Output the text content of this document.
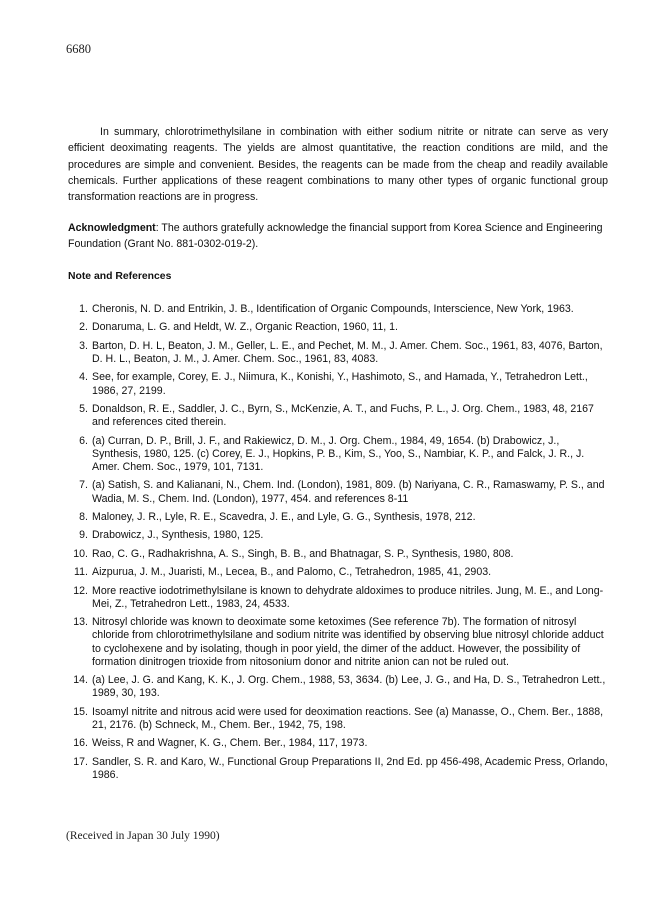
6680

In summary, chlorotrimethylsilane in combination with either sodium nitrite or nitrate can serve as very efficient deoximating reagents. The yields are almost quantitative, the reaction conditions are mild, and the procedures are simple and convenient. Besides, the reagents can be made from the cheap and readily available chemicals. Further applications of these reagent combinations to many other types of organic functional group transformation reactions are in progress.

Acknowledgment: The authors gratefully acknowledge the financial support from Korea Science and Engineering Foundation (Grant No. 881-0302-019-2).

Note and References
1. Cheronis, N. D. and Entrikin, J. B., Identification of Organic Compounds, Interscience, New York, 1963.
2. Donaruma, L. G. and Heldt, W. Z., Organic Reaction, 1960, 11, 1.
3. Barton, D. H. L, Beaton, J. M., Geller, L. E., and Pechet, M. M., J. Amer. Chem. Soc., 1961, 83, 4076, Barton, D. H. L., Beaton, J. M., J. Amer. Chem. Soc., 1961, 83, 4083.
4. See, for example, Corey, E. J., Niimura, K., Konishi, Y., Hashimoto, S., and Hamada, Y., Tetrahedron Lett., 1986, 27, 2199.
5. Donaldson, R. E., Saddler, J. C., Byrn, S., McKenzie, A. T., and Fuchs, P. L., J. Org. Chem., 1983, 48, 2167 and references cited therein.
6. (a) Curran, D. P., Brill, J. F., and Rakiewicz, D. M., J. Org. Chem., 1984, 49, 1654. (b) Drabowicz, J., Synthesis, 1980, 125. (c) Corey, E. J., Hopkins, P. B., Kim, S., Yoo, S., Nambiar, K. P., and Falck, J. R., J. Amer. Chem. Soc., 1979, 101, 7131.
7. (a) Satish, S. and Kalianani, N., Chem. Ind. (London), 1981, 809. (b) Nariyana, C. R., Ramaswamy, P. S., and Wadia, M. S., Chem. Ind. (London), 1977, 454. and references 8-11
8. Maloney, J. R., Lyle, R. E., Scavedra, J. E., and Lyle, G. G., Synthesis, 1978, 212.
9. Drabowicz, J., Synthesis, 1980, 125.
10. Rao, C. G., Radhakrishna, A. S., Singh, B. B., and Bhatnagar, S. P., Synthesis, 1980, 808.
11. Aizpurua, J. M., Juaristi, M., Lecea, B., and Palomo, C., Tetrahedron, 1985, 41, 2903.
12. More reactive iodotrimethylsilane is known to dehydrate aldoximes to produce nitriles. Jung, M. E., and Long-Mei, Z., Tetrahedron Lett., 1983, 24, 4533.
13. Nitrosyl chloride was known to deoximate some ketoximes (See reference 7b). The formation of nitrosyl chloride from chlorotrimethylsilane and sodium nitrite was identified by observing blue nitrosyl chloride adduct to cyclohexene and by isolating, though in poor yield, the dimer of the adduct. However, the possibility of formation dinitrogen trioxide from nitosonium donor and nitrite anion can not be ruled out.
14. (a) Lee, J. G. and Kang, K. K., J. Org. Chem., 1988, 53, 3634. (b) Lee, J. G., and Ha, D. S., Tetrahedron Lett., 1989, 30, 193.
15. Isoamyl nitrite and nitrous acid were used for deoximation reactions. See (a) Manasse, O., Chem. Ber., 1888, 21, 2176. (b) Schneck, M., Chem. Ber., 1942, 75, 198.
16. Weiss, R and Wagner, K. G., Chem. Ber., 1984, 117, 1973.
17. Sandler, S. R. and Karo, W., Functional Group Preparations II, 2nd Ed. pp 456-498, Academic Press, Orlando, 1986.
(Received in Japan 30 July 1990)
